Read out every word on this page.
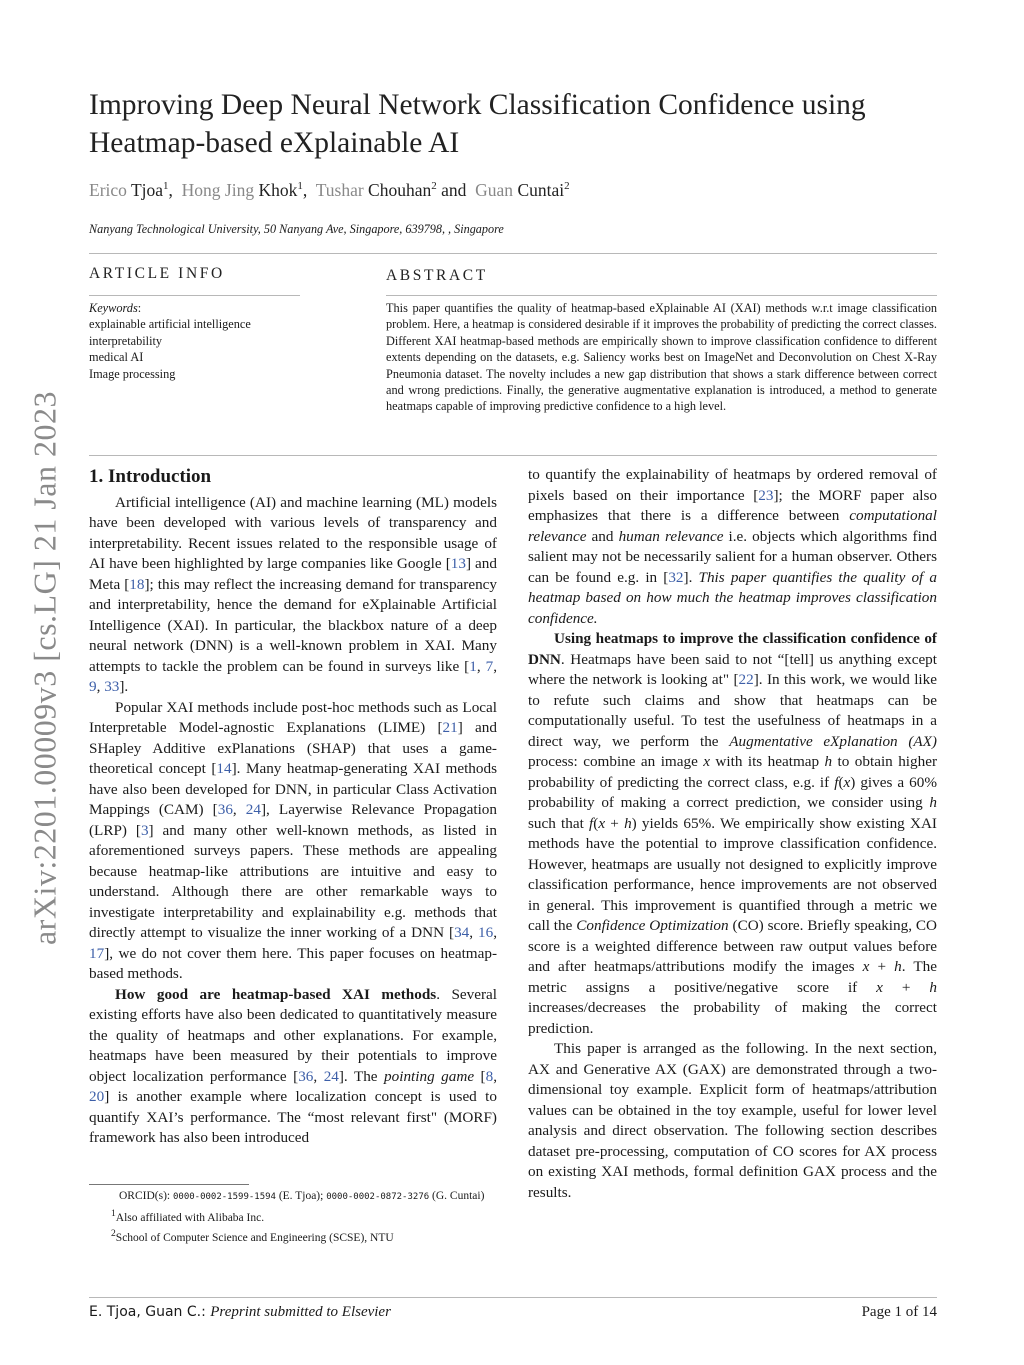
arXiv:2201.00009v3 [cs.LG] 21 Jan 2023
Improving Deep Neural Network Classification Confidence using
Heatmap-based eXplainable AI
Erico Tjoa$^1$,  Hong Jing Khok$^1$,  Tushar Chouhan$^2$ and  Guan Cuntai$^2$
Nanyang Technological University, 50 Nanyang Ave, Singapore, 639798, , Singapore
ARTICLE INFO	ABSTRACT
Keywords:
explainable artificial intelligence
interpretability
medical AI
Image processing
This paper quantifies the quality of heatmap-based eXplainable AI (XAI) methods w.r.t image classification problem. Here, a heatmap is considered desirable if it improves the probability of predicting the correct classes. Different XAI heatmap-based methods are empirically shown to improve classification confidence to different extents depending on the datasets, e.g. Saliency works best on ImageNet and Deconvolution on Chest X-Ray Pneumonia dataset. The novelty includes a new gap distribution that shows a stark difference between correct and wrong predictions. Finally, the generative augmentative explanation is introduced, a method to generate heatmaps capable of improving predictive confidence to a high level.
1. Introduction

Artificial intelligence (AI) and machine learning (ML) models have been developed with various levels of transparency and interpretability. Recent issues related to the responsible usage of AI have been highlighted by large companies like Google [13] and Meta [18]; this may reflect the increasing demand for transparency and interpretability, hence the demand for eXplainable Artificial Intelligence (XAI). In particular, the blackbox nature of a deep neural network (DNN) is a well-known problem in XAI. Many attempts to tackle the problem can be found in surveys like [1, 7, 9, 33].

Popular XAI methods include post-hoc methods such as Local Interpretable Model-agnostic Explanations (LIME) [21] and SHapley Additive exPlanations (SHAP) that uses a game-theoretical concept [14]. Many heatmap-generating XAI methods have also been developed for DNN, in particular Class Activation Mappings (CAM) [36, 24], Layerwise Relevance Propagation (LRP) [3] and many other well-known methods, as listed in aforementioned surveys papers. These methods are appealing because heatmap-like attributions are intuitive and easy to understand. Although there are other remarkable ways to investigate interpretability and explainability e.g. methods that directly attempt to visualize the inner working of a DNN [34, 16, 17], we do not cover them here. This paper focuses on heatmap-based methods.

How good are heatmap-based XAI methods. Several existing efforts have also been dedicated to quantitatively measure the quality of heatmaps and other explanations. For example, heatmaps have been measured by their potentials to improve object localization performance [36, 24]. The pointing game [8, 20] is another example where localization concept is used to quantify XAI’s performance. The “most relevant first" (MORF) framework has also been introduced

ORCID(s): 0000-0002-1599-1594 (E. Tjoa); 0000-0002-0872-3276 (G. Cuntai)
$^1$Also affiliated with Alibaba Inc.
$^2$School of Computer Science and Engineering (SCSE), NTU

to quantify the explainability of heatmaps by ordered removal of pixels based on their importance [23]; the MORF paper also emphasizes that there is a difference between computational relevance and human relevance i.e. objects which algorithms find salient may not be necessarily salient for a human observer. Others can be found e.g. in [32]. This paper quantifies the quality of a heatmap based on how much the heatmap improves classification confidence.

Using heatmaps to improve the classification confidence of DNN. Heatmaps have been said to not “[tell] us anything except where the network is looking at" [22]. In this work, we would like to refute such claims and show that heatmaps can be computationally useful. To test the usefulness of heatmaps in a direct way, we perform the Augmentative eXplanation (AX) process: combine an image x with its heatmap h to obtain higher probability of predicting the correct class, e.g. if f(x) gives a 60% probability of making a correct prediction, we consider using h such that f(x + h) yields 65%. We empirically show existing XAI methods have the potential to improve classification confidence. However, heatmaps are usually not designed to explicitly improve classification performance, hence improvements are not observed in general. This improvement is quantified through a metric we call the Confidence Optimization (CO) score. Briefly speaking, CO score is a weighted difference between raw output values before and after heatmaps/attributions modify the images x + h. The metric assigns a positive/negative score if x + h increases/decreases the probability of making the correct prediction.

This paper is arranged as the following. In the next section, AX and Generative AX (GAX) are demonstrated through a two-dimensional toy example. Explicit form of heatmaps/attribution values can be obtained in the toy example, useful for lower level analysis and direct observation. The following section describes dataset pre-processing, computation of CO scores for AX process on existing XAI methods, formal definition GAX process and the results.

E. Tjoa, Guan C.: Preprint submitted to Elsevier	Page 1 of 14
